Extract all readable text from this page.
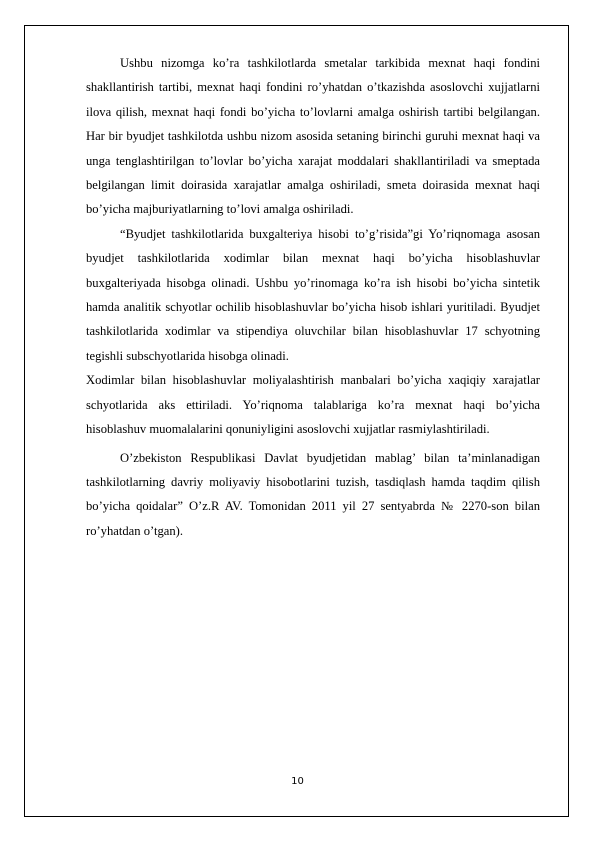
Ushbu nizomga ko’ra tashkilotlarda smetalar tarkibida mexnat haqi fondini shakllantirish tartibi, mexnat haqi fondini ro’yhatdan o’tkazishda asoslovchi xujjatlarni ilova qilish, mexnat haqi fondi bo’yicha to’lovlarni amalga oshirish tartibi belgilangan. Har bir byudjet tashkilotda ushbu nizom asosida setaning birinchi guruhi mexnat haqi va unga tenglashtirilgan to’lovlar bo’yicha xarajat moddalari shakllantiriladi va smeptada belgilangan limit doirasida xarajatlar amalga oshiriladi, smeta doirasida mexnat haqi bo’yicha majburiyatlarning to’lovi amalga oshiriladi.

“Byudjet tashkilotlarida buxgalteriya hisobi to’g’risida”gi Yo’riqnomaga asosan byudjet tashkilotlarida xodimlar bilan mexnat haqi bo’yicha hisoblashuvlar buxgalteriyada hisobga olinadi. Ushbu yo’rinomaga ko’ra ish hisobi bo’yicha sintetik hamda analitik schyotlar ochilib hisoblashuvlar bo’yicha hisob ishlari yuritiladi. Byudjet tashkilotlarida xodimlar va stipendiya oluvchilar bilan hisoblashuvlar 17 schyotning tegishli subschyotlarida hisobga olinadi.

Xodimlar bilan hisoblashuvlar moliyalashtirish manbalari bo’yicha xaqiqiy xarajatlar schyotlarida aks ettiriladi. Yo’riqnoma talablariga ko’ra mexnat haqi bo’yicha hisoblashuv muomalalarini qonuniyligini asoslovchi xujjatlar rasmiylashtiriladi.

O’zbekiston Respublikasi Davlat byudjetidan mablag’ bilan ta’minlanadigan tashkilotlarning davriy moliyaviy hisobotlarini tuzish, tasdiqlash hamda taqdim qilish bo’yicha qoidalar” O’z.R AV. Tomonidan 2011 yil 27 sentyabrda № 2270-son bilan ro’yhatdan o’tgan).

10
